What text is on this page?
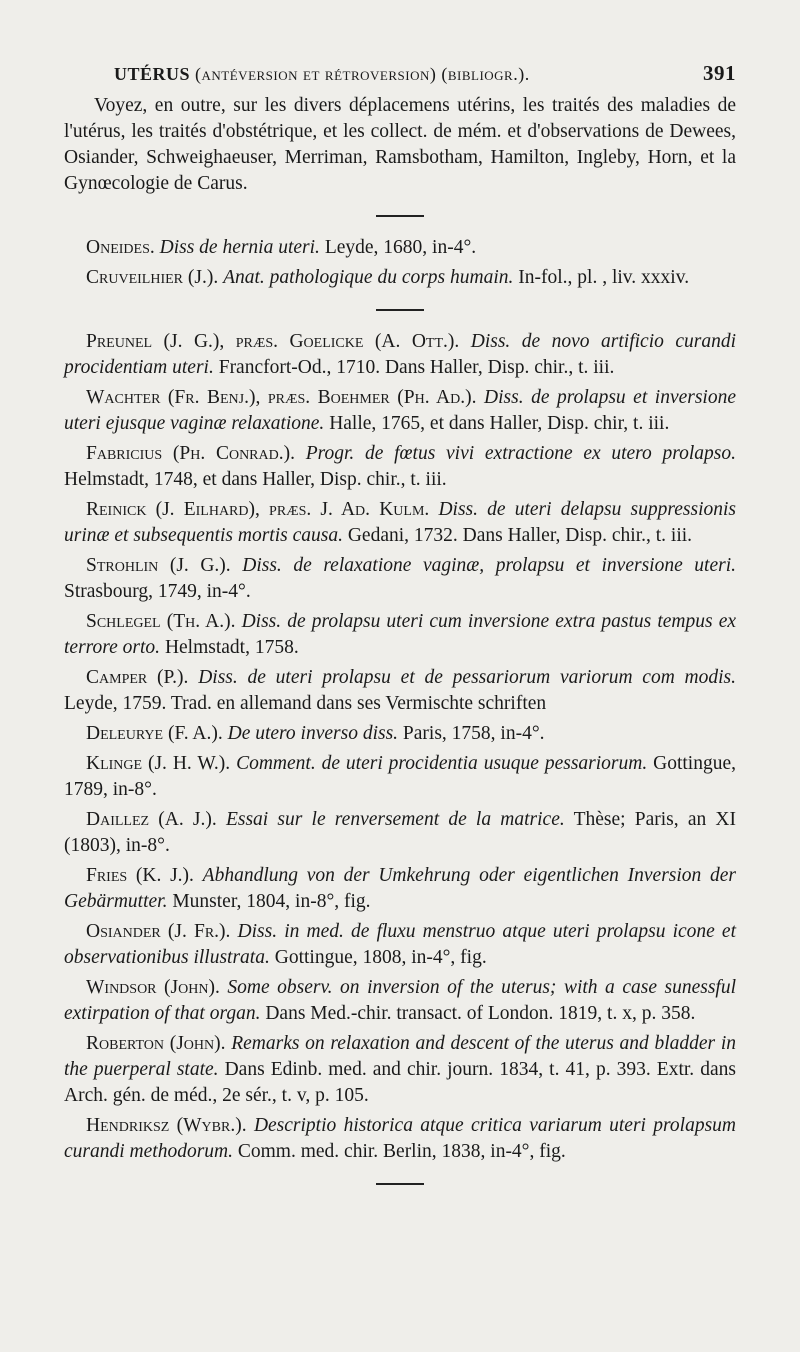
UTÉRUS (antéversion et rétroversion) (bibliogr.).	391

Voyez, en outre, sur les divers déplacemens utérins, les traités des maladies de l'utérus, les traités d'obstétrique, et les collect. de mém. et d'observations de Dewees, Osiander, Schweighaeuser, Merriman, Ramsbotham, Hamilton, Ingleby, Horn, et la Gynœcologie de Carus.

Oneides. Diss de hernia uteri. Leyde, 1680, in-4°.

Cruveilhier (J.). Anat. pathologique du corps humain. In-fol., pl. , liv. xxxiv.

Preunel (J. G.), præs. Goelicke (A. Ott.). Diss. de novo artificio curandi procidentiam uteri. Francfort-Od., 1710. Dans Haller, Disp. chir., t. iii.

Wachter (Fr. Benj.), præs. Boehmer (Ph. Ad.). Diss. de prolapsu et inversione uteri ejusque vaginæ relaxatione. Halle, 1765, et dans Haller, Disp. chir, t. iii.

Fabricius (Ph. Conrad.). Progr. de fœtus vivi extractione ex utero prolapso. Helmstadt, 1748, et dans Haller, Disp. chir., t. iii.

Reinick (J. Eilhard), præs. J. Ad. Kulm. Diss. de uteri delapsu suppressionis urinæ et subsequentis mortis causa. Gedani, 1732. Dans Haller, Disp. chir., t. iii.

Strohlin (J. G.). Diss. de relaxatione vaginæ, prolapsu et inversione uteri. Strasbourg, 1749, in-4°.

Schlegel (Th. A.). Diss. de prolapsu uteri cum inversione extra pastus tempus ex terrore orto. Helmstadt, 1758.

Camper (P.). Diss. de uteri prolapsu et de pessariorum variorum com modis. Leyde, 1759. Trad. en allemand dans ses Vermischte schriften

Deleurye (F. A.). De utero inverso diss. Paris, 1758, in-4°.

Klinge (J. H. W.). Comment. de uteri procidentia usuque pessariorum. Gottingue, 1789, in-8°.

Daillez (A. J.). Essai sur le renversement de la matrice. Thèse; Paris, an XI (1803), in-8°.

Fries (K. J.). Abhandlung von der Umkehrung oder eigentlichen Inversion der Gebärmutter. Munster, 1804, in-8°, fig.

Osiander (J. Fr.). Diss. in med. de fluxu menstruo atque uteri prolapsu icone et observationibus illustrata. Gottingue, 1808, in-4°, fig.

Windsor (John). Some observ. on inversion of the uterus; with a case sunessful extirpation of that organ. Dans Med.-chir. transact. of London. 1819, t. x, p. 358.

Roberton (John). Remarks on relaxation and descent of the uterus and bladder in the puerperal state. Dans Edinb. med. and chir. journ. 1834, t. 41, p. 393. Extr. dans Arch. gén. de méd., 2e sér., t. v, p. 105.

Hendriksz (Wybr.). Descriptio historica atque critica variarum uteri prolapsum curandi methodorum. Comm. med. chir. Berlin, 1838, in-4°, fig.
